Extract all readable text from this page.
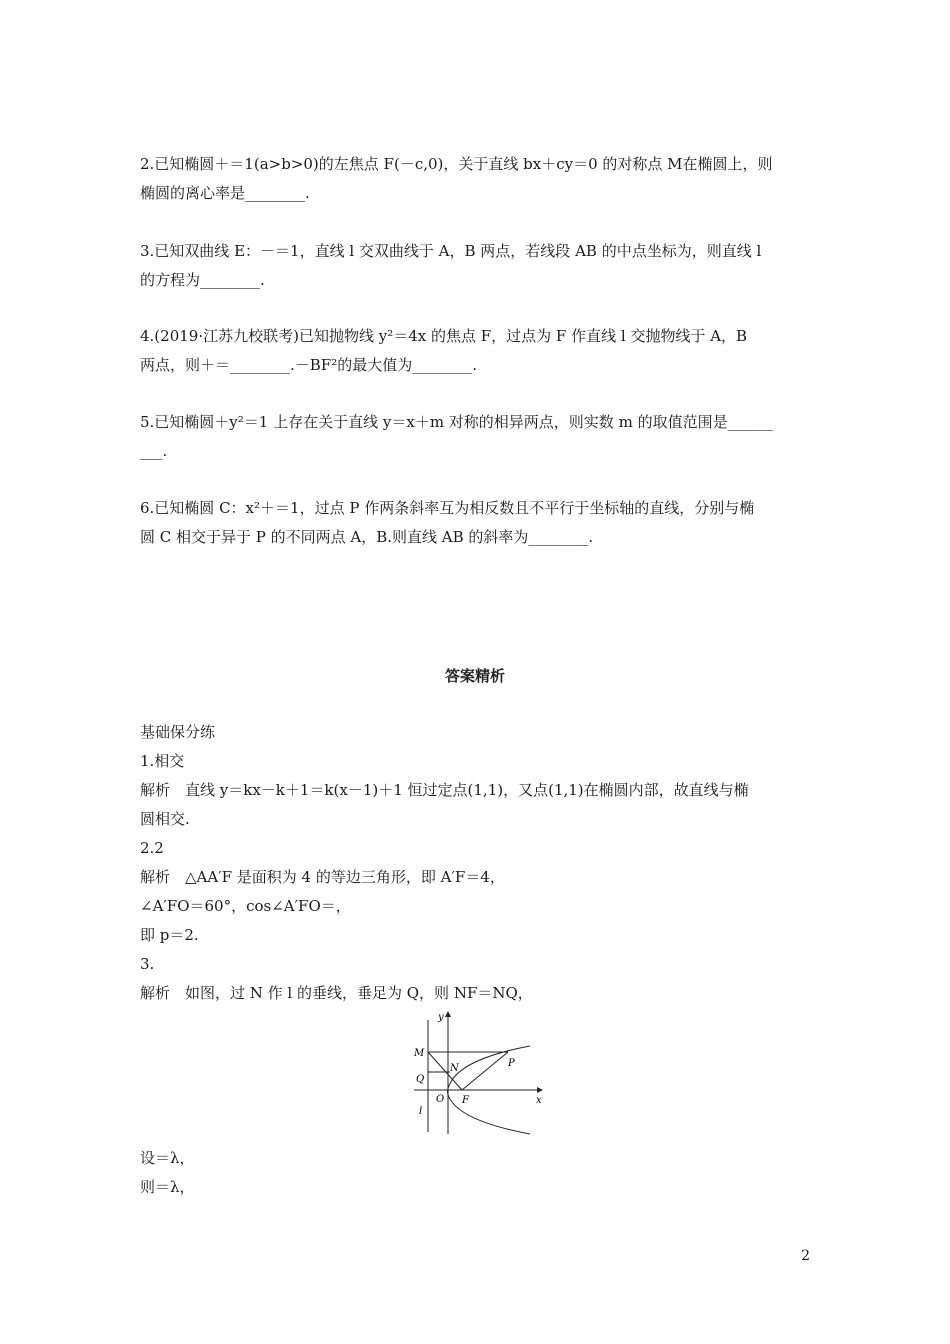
2.已知椭圆＋＝1(a>b>0)的左焦点 F(－c,0)，关于直线 bx＋cy＝0 的对称点 M在椭圆上，则
椭圆的离心率是________.

3.已知双曲线 E：－＝1，直线 l 交双曲线于 A，B 两点，若线段 AB 的中点坐标为，则直线 l
的方程为________.

4.(2019·江苏九校联考)已知抛物线 y²＝4x 的焦点 F，过点为 F 作直线 l 交抛物线于 A，B
两点，则＋＝________.－BF²的最大值为________.

5.已知椭圆＋y²＝1 上存在关于直线 y＝x＋m 对称的相异两点，则实数 m 的取值范围是______
___.

6.已知椭圆 C：x²＋＝1，过点 P 作两条斜率互为相反数且不平行于坐标轴的直线，分别与椭
圆 C 相交于异于 P 的不同两点 A，B.则直线 AB 的斜率为________.

答案精析
基础保分练
1.相交
解析　直线 y＝kx－k＋1＝k(x－1)＋1 恒过定点(1,1)，又点(1,1)在椭圆内部，故直线与椭
圆相交.
2.2
解析　△AA′F 是面积为 4 的等边三角形，即 A′F＝4，
∠A′FO＝60°，cos∠A′FO＝，
即 p＝2.
3.
解析　如图，过 N 作 l 的垂线，垂足为 Q，则 NF＝NQ，
设＝λ，
则＝λ，
y
x
M
P
N
Q
O F
l
2
